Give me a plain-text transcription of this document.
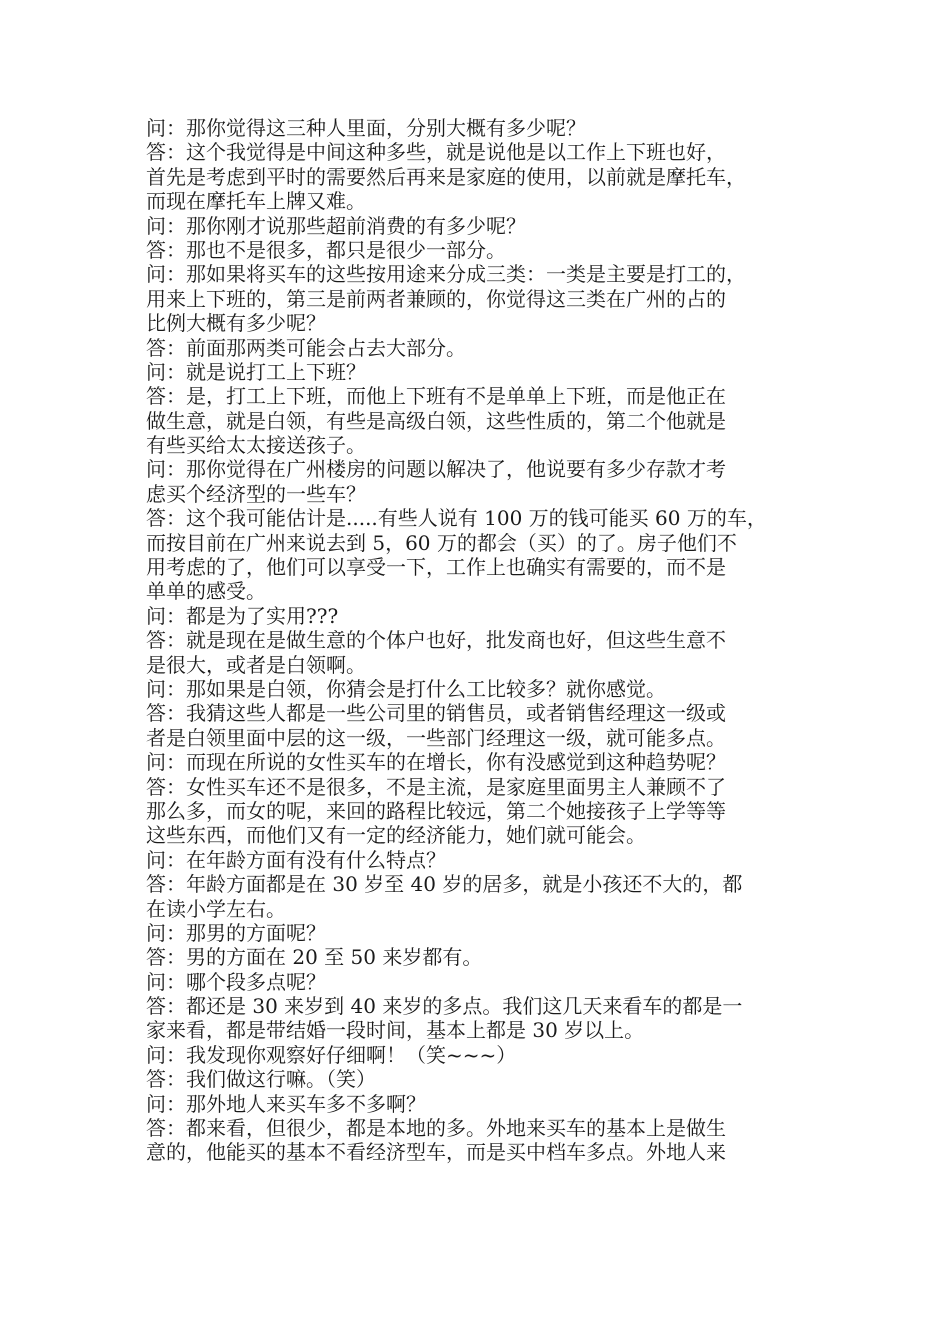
问：那你觉得这三种人里面，分别大概有多少呢？
答：这个我觉得是中间这种多些，就是说他是以工作上下班也好，
首先是考虑到平时的需要然后再来是家庭的使用，以前就是摩托车，
而现在摩托车上牌又难。
问：那你刚才说那些超前消费的有多少呢？
答：那也不是很多，都只是很少一部分。
问：那如果将买车的这些按用途来分成三类：一类是主要是打工的，
用来上下班的，第三是前两者兼顾的，你觉得这三类在广州的占的
比例大概有多少呢？
答：前面那两类可能会占去大部分。
问：就是说打工上下班？
答：是，打工上下班，而他上下班有不是单单上下班，而是他正在
做生意，就是白领，有些是高级白领，这些性质的，第二个他就是
有些买给太太接送孩子。
问：那你觉得在广州楼房的问题以解决了，他说要有多少存款才考
虑买个经济型的一些车？
答：这个我可能估计是.....有些人说有 100 万的钱可能买 60 万的车，
而按目前在广州来说去到 5，60 万的都会（买）的了。房子他们不
用考虑的了，他们可以享受一下，工作上也确实有需要的，而不是
单单的感受。
问：都是为了实用???
答：就是现在是做生意的个体户也好，批发商也好，但这些生意不
是很大，或者是白领啊。
问：那如果是白领，你猜会是打什么工比较多？就你感觉。
答：我猜这些人都是一些公司里的销售员，或者销售经理这一级或
者是白领里面中层的这一级，一些部门经理这一级，就可能多点。
问：而现在所说的女性买车的在增长，你有没感觉到这种趋势呢？
答：女性买车还不是很多，不是主流，是家庭里面男主人兼顾不了
那么多，而女的呢，来回的路程比较远，第二个她接孩子上学等等
这些东西，而他们又有一定的经济能力，她们就可能会。
问：在年龄方面有没有什么特点？
答：年龄方面都是在 30 岁至 40 岁的居多，就是小孩还不大的，都
在读小学左右。
问：那男的方面呢？
答：男的方面在 20 至 50 来岁都有。
问：哪个段多点呢？
答：都还是 30 来岁到 40 来岁的多点。我们这几天来看车的都是一
家来看，都是带结婚一段时间，基本上都是 30 岁以上。
问：我发现你观察好仔细啊！（笑~~~）
答：我们做这行嘛。（笑）
问：那外地人来买车多不多啊？
答：都来看，但很少，都是本地的多。外地来买车的基本上是做生
意的，他能买的基本不看经济型车，而是买中档车多点。外地人来
